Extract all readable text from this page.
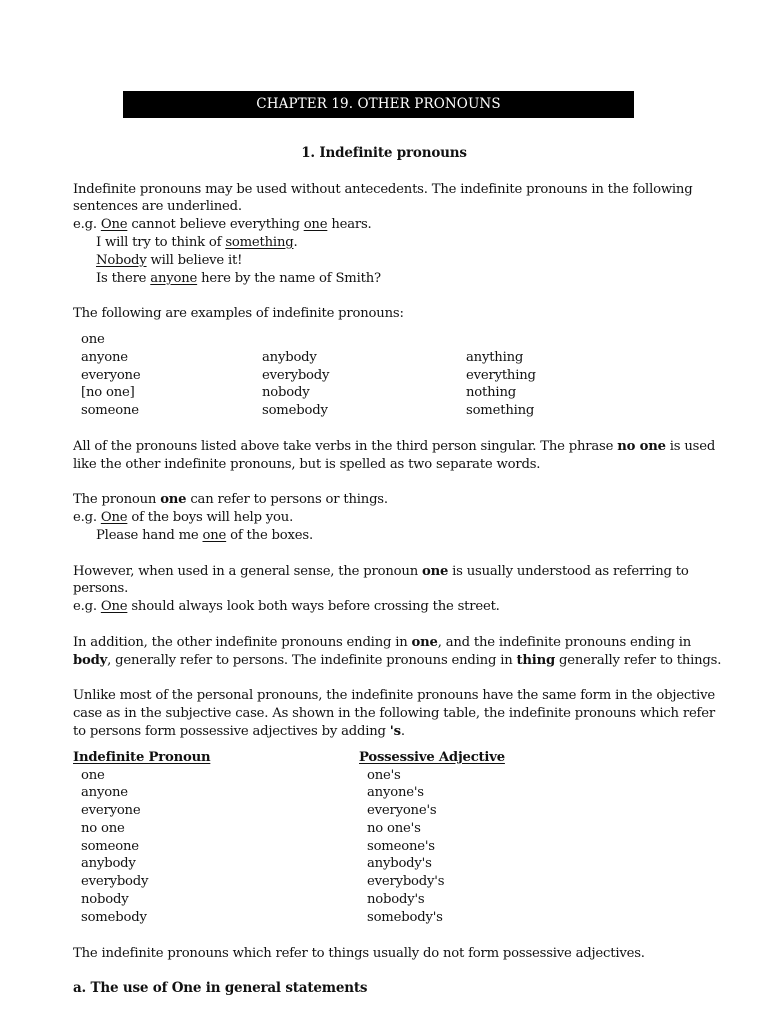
CHAPTER 19. OTHER PRONOUNS
1. Indefinite pronouns
Indefinite pronouns may be used without antecedents. The indefinite pronouns in the following
sentences are underlined.
e.g. One cannot believe everything one hears.
I will try to think of something.
Nobody will believe it!
Is there anyone here by the name of Smith?
The following are examples of indefinite pronouns:
one
anyone
everyone
[no one]
someone
anybody
everybody
nobody
somebody
anything
everything
nothing
something
All of the pronouns listed above take verbs in the third person singular. The phrase no one is used
like the other indefinite pronouns, but is spelled as two separate words.
The pronoun one can refer to persons or things.
e.g. One of the boys will help you.
Please hand me one of the boxes.
However, when used in a general sense, the pronoun one is usually understood as referring to
persons.
e.g. One should always look both ways before crossing the street.
In addition, the other indefinite pronouns ending in one, and the indefinite pronouns ending in
body, generally refer to persons. The indefinite pronouns ending in thing generally refer to things.
Unlike most of the personal pronouns, the indefinite pronouns have the same form in the objective
case as in the subjective case. As shown in the following table, the indefinite pronouns which refer
to persons form possessive adjectives by adding 's.
Indefinite Pronoun	Possessive Adjective
one
anyone
everyone
no one
someone
anybody
everybody
nobody
somebody
one's
anyone's
everyone's
no one's
someone's
anybody's
everybody's
nobody's
somebody's
The indefinite pronouns which refer to things usually do not form possessive adjectives.
a. The use of One in general statements
